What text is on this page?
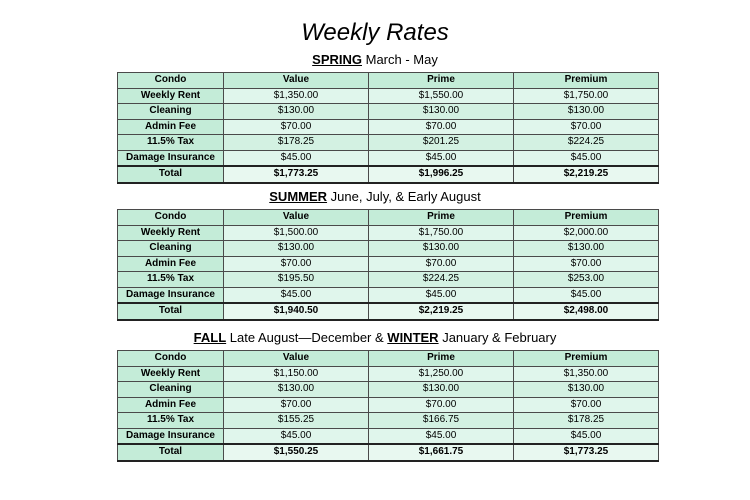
Weekly Rates
SPRING March - May
Condo	Value	Prime	Premium
Weekly Rent	$1,350.00	$1,550.00	$1,750.00
Cleaning	$130.00	$130.00	$130.00
Admin Fee	$70.00	$70.00	$70.00
11.5% Tax	$178.25	$201.25	$224.25
Damage Insurance	$45.00	$45.00	$45.00
Total	$1,773.25	$1,996.25	$2,219.25
SUMMER June, July, & Early August
Condo	Value	Prime	Premium
Weekly Rent	$1,500.00	$1,750.00	$2,000.00
Cleaning	$130.00	$130.00	$130.00
Admin Fee	$70.00	$70.00	$70.00
11.5% Tax	$195.50	$224.25	$253.00
Damage Insurance	$45.00	$45.00	$45.00
Total	$1,940.50	$2,219.25	$2,498.00
FALL Late August—December & WINTER January & February
Condo	Value	Prime	Premium
Weekly Rent	$1,150.00	$1,250.00	$1,350.00
Cleaning	$130.00	$130.00	$130.00
Admin Fee	$70.00	$70.00	$70.00
11.5% Tax	$155.25	$166.75	$178.25
Damage Insurance	$45.00	$45.00	$45.00
Total	$1,550.25	$1,661.75	$1,773.25
